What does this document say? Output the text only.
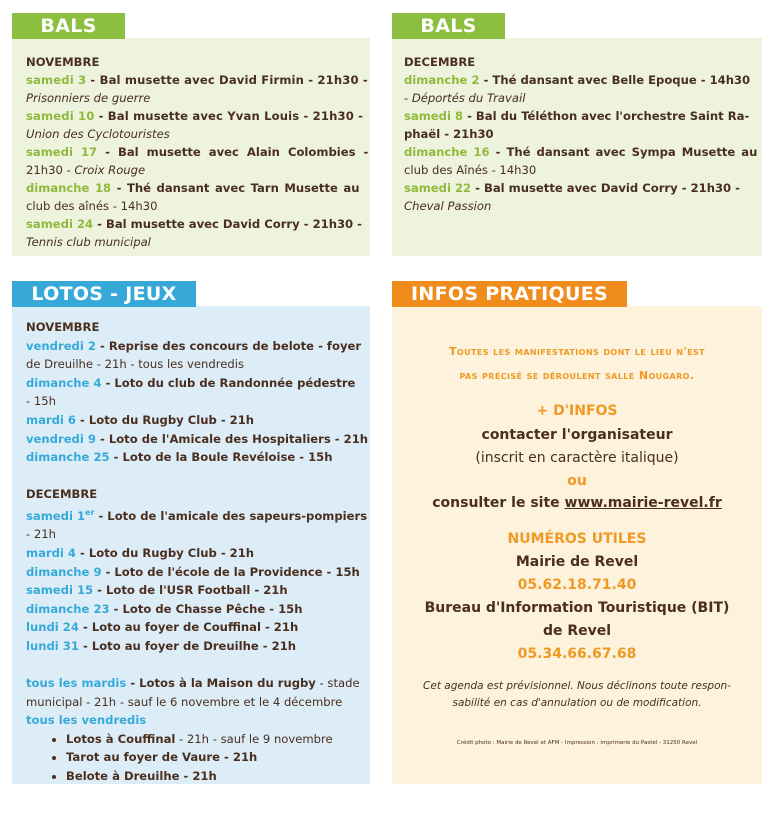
BALS
NOVEMBRE
samedi 3 - Bal musette avec David Firmin - 21h30 -
Prisonniers de guerre
samedi 10 - Bal musette avec Yvan Louis - 21h30 -
Union des Cyclotouristes
samedi 17 - Bal musette avec Alain Colombies -
21h30 - Croix Rouge
dimanche 18 - Thé dansant avec Tarn Musette au
club des aînés - 14h30
samedi 24 - Bal musette avec David Corry - 21h30 -
Tennis club municipal
BALS
DECEMBRE
dimanche 2 - Thé dansant avec Belle Epoque - 14h30
- Déportés du Travail
samedi 8 - Bal du Téléthon avec l'orchestre Saint Ra-
phaël - 21h30
dimanche 16 - Thé dansant avec Sympa Musette au
club des Aînés - 14h30
samedi 22 - Bal musette avec David Corry - 21h30 -
Cheval Passion
LOTOS - JEUX
NOVEMBRE
vendredi 2 - Reprise des concours de belote - foyer
de Dreuilhe - 21h - tous les vendredis
dimanche 4 - Loto du club de Randonnée pédestre
- 15h
mardi 6 - Loto du Rugby Club - 21h
vendredi 9 - Loto de l'Amicale des Hospitaliers - 21h
dimanche 25 - Loto de la Boule Revéloise - 15h
DECEMBRE
samedi 1er - Loto de l'amicale des sapeurs-pompiers
- 21h
mardi 4 - Loto du Rugby Club - 21h
dimanche 9 - Loto de l'école de la Providence - 15h
samedi 15 - Loto de l'USR Football - 21h
dimanche 23 - Loto de Chasse Pêche - 15h
lundi 24 - Loto au foyer de Couffinal - 21h
lundi 31 - Loto au foyer de Dreuilhe - 21h
tous les mardis - Lotos à la Maison du rugby - stade
municipal - 21h - sauf le 6 novembre et le 4 décembre
tous les vendredis
• Lotos à Couffinal - 21h - sauf le 9 novembre
• Tarot au foyer de Vaure - 21h
• Belote à Dreuilhe - 21h
INFOS PRATIQUES
Toutes les manifestations dont le lieu n'est
pas précisé se déroulent salle Nougaro.
+ D'INFOS
contacter l'organisateur
(inscrit en caractère italique)
ou
consulter le site www.mairie-revel.fr
NUMÉROS UTILES
Mairie de Revel
05.62.18.71.40
Bureau d'Information Touristique (BIT)
de Revel
05.34.66.67.68
Cet agenda est prévisionnel. Nous déclinons toute respon-
sabilité en cas d'annulation ou de modification.
Crédit photo : Mairie de Revel et AFM - Impression : imprimerie du Pastel - 31250 Revel
